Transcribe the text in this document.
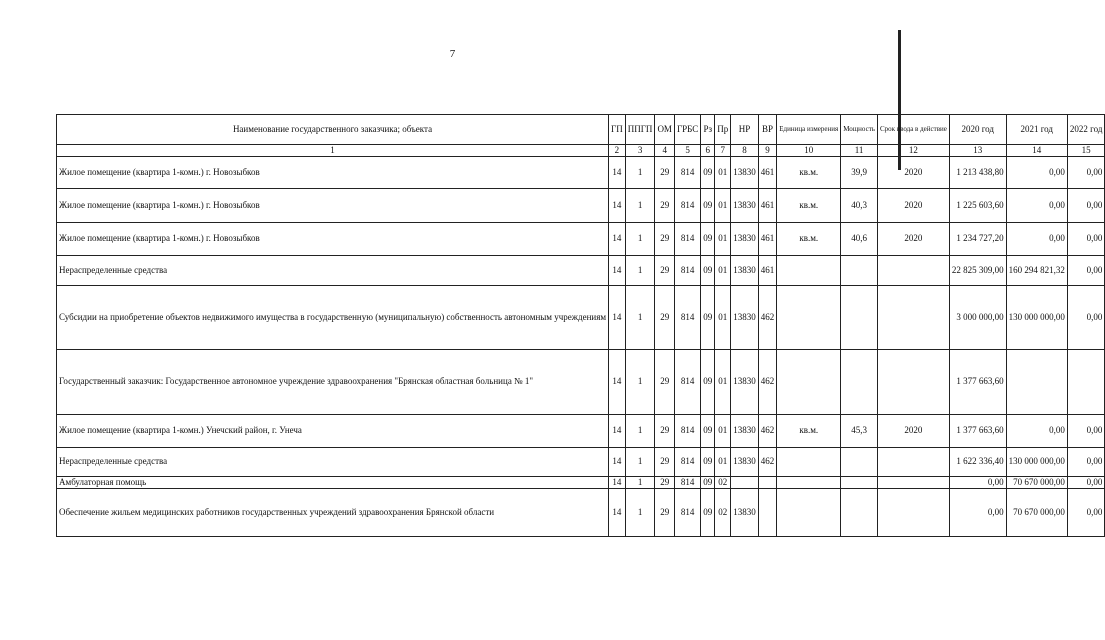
7
Наименование государственного заказчика; объекта	ГП	ППГП	ОМ	ГРБС	Рз	Пр	НР	ВР	Единица измерения	Мощность	Срок ввода в действие	2020 год	2021 год	2022 год
1	2	3	4	5	6	7	8	9	10	11	12	13	14	15
Жилое помещение (квартира 1-комн.) г. Новозыбков	14	1	29	814	09	01	13830	461	кв.м.	39,9	2020	1 213 438,80	0,00	0,00
Жилое помещение (квартира 1-комн.) г. Новозыбков	14	1	29	814	09	01	13830	461	кв.м.	40,3	2020	1 225 603,60	0,00	0,00
Жилое помещение (квартира 1-комн.) г. Новозыбков	14	1	29	814	09	01	13830	461	кв.м.	40,6	2020	1 234 727,20	0,00	0,00
Нераспределенные средства	14	1	29	814	09	01	13830	461				22 825 309,00	160 294 821,32	0,00
Субсидии на приобретение объектов недвижимого имущества в государственную (муниципальную) собственность автономным учреждениям	14	1	29	814	09	01	13830	462				3 000 000,00	130 000 000,00	0,00
Государственный заказчик: Государственное автономное учреждение здравоохранения "Брянская областная больница № 1"	14	1	29	814	09	01	13830	462				1 377 663,60		
Жилое помещение (квартира 1-комн.) Унечский район, г. Унеча	14	1	29	814	09	01	13830	462	кв.м.	45,3	2020	1 377 663,60	0,00	0,00
Нераспределенные средства	14	1	29	814	09	01	13830	462				1 622 336,40	130 000 000,00	0,00
Амбулаторная помощь	14	1	29	814	09	02						0,00	70 670 000,00	0,00
Обеспечение жильем медицинских работников государственных учреждений здравоохранения Брянской области	14	1	29	814	09	02	13830					0,00	70 670 000,00	0,00
